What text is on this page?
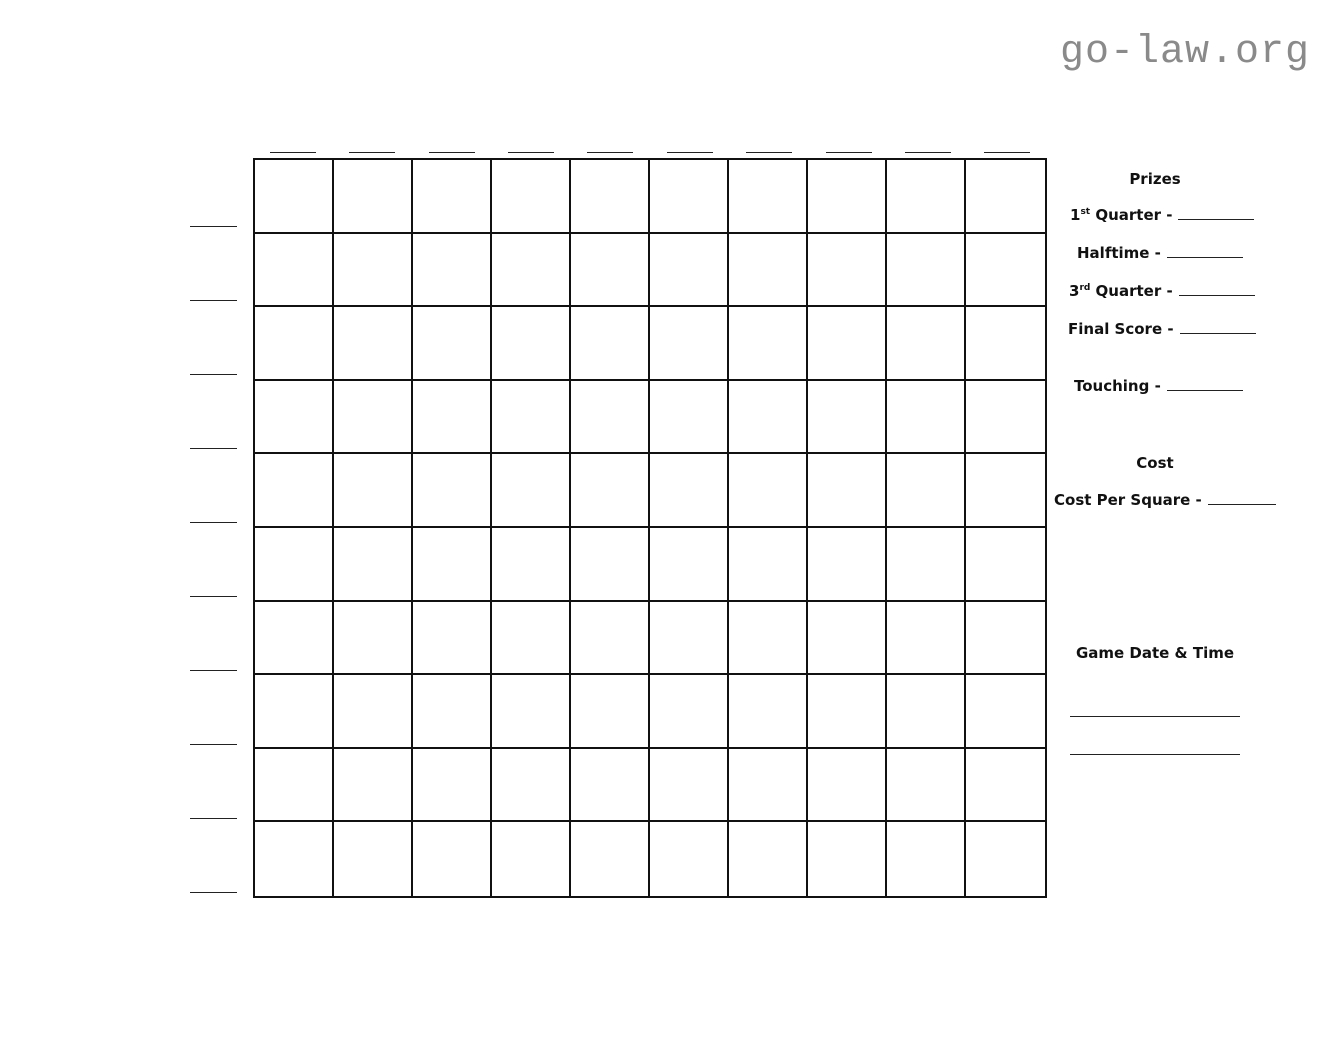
go-law.org
Prizes
1st Quarter -
Halftime -
3rd Quarter -
Final Score -
Touching -
Cost
Cost Per Square -
Game Date & Time
